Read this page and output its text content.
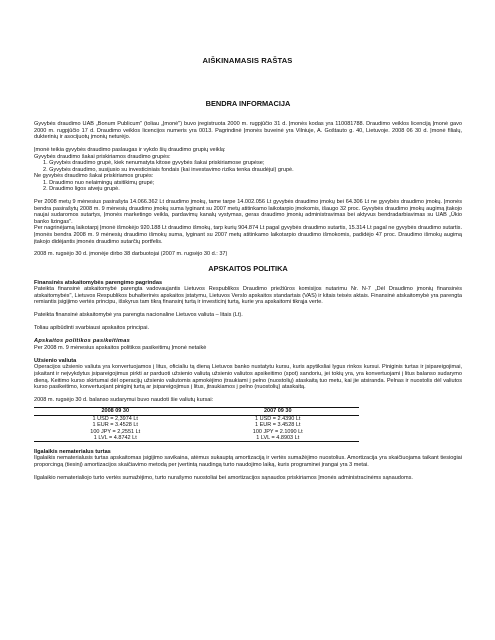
AIŠKINAMASIS RAŠTAS
BENDRA INFORMACIJA

Gyvybės draudimo UAB „Bonum Publicum" (toliau „Įmonė") buvo įregistruota 2000 m. rugpjūčio 31 d. Įmonės kodas yra 110081788. Draudimo veiklos licenciją Įmonė gavo 2000 m. rugpjūčio 17 d. Draudimo veiklos licencijos numeris yra 0013. Pagrindinė Įmonės buveinė yra Vilniuje, A. Goštauto g. 40, Lietuvoje. 2008 06 30 d. Įmonė filialų, dukterinių ir asocijuotų įmonių neturėjo.

Įmonė teikia gyvybės draudimo paslaugas ir vykdo šių draudimo grupių veiklą:

Gyvybės draudimo šakai priskiriamos draudimo grupės:

1. Gyvybės draudimo grupė, kiek nenumatyta kitose gyvybės šakai priskiriamose grupėse;
2. Gyvybės draudimo, susijusio su investiciniais fondais (kai investavimo rizika tenka draudėjui) grupė.

Ne gyvybės draudimo šakai priskiriamos grupės:

1. Draudimo nuo nelaimingų atsitikimų grupė;
2. Draudimo ligos atveju grupė.

Per 2008 metų 9 mėnesius pasirašyta 14.066.362 Lt draudimo įmokų, tame tarpe 14.002.056 Lt gyvybės draudimo įmokų bei 64.306 Lt ne gyvybės draudimo įmokų. Įmonės bendra pasirašytų 2008 m. 9 mėnesių draudimo įmokų suma lyginant su 2007 metų atitinkamo laikotarpio įmokomis, išaugo 32 proc. Gyvybės draudimo įmokų augimą įtakojo naujai sudaromos sutartys, Įmonės marketingo veikla, pardavimų kanalų vystymas, geras draudimo įmonių administravimas bei aktyvus bendradarbiavimas su UAB „Ūkio banko lizingas".

Per nagrinėjamą laikotarpį Įmonė išmokėjo 920.188 Lt draudimo išmokų, tarp kurių 904.874 Lt pagal gyvybės draudimo sutartis, 15.314 Lt pagal ne gyvybės draudimo sutartis. Įmonės bendra 2008 m. 9 mėnesių draudimo išmokų suma, lyginant su 2007 metų atitinkamo laikotarpio draudimo išmokomis, padidėjo 47 proc. Draudimo išmokų augimą įtakojo didėjantis įmonės draudimo sutarčių portfelis.

2008 m. rugsėjo 30 d. įmonėje dirbo 38 darbuotojai (2007 m. rugsėjo 30 d.: 37)

APSKAITOS POLITIKA
Finansinės atskaitomybės parengimo pagrindas

Pateikta finansinė atskaitomybė parengta vadovaujantis Lietuvos Respublikos Draudimo priežiūros komisijos nutarimu Nr. N-7 „Dėl Draudimo įmonių finansinės atskaitomybės", Lietuvos Respublikos buhalterinės apskaitos įstatymu, Lietuvos Verslo apskaitos standartais (VAS) ir kitais teisės aktais. Finansinė atskaitomybė yra parengta remiantis įsigijimo vertės principu, išskyrus tam tikrą finansinį turtą ir investicinį turtą, kurie yra apskaitomi tikrąja verte.

Pateikta finansinė atskaitomybė yra parengta nacionaline Lietuvos valiuta – litais (Lt).

Toliau apibūdinti svarbiausi apskaitos principai.

Apskaitos politikos pasikeitimas

Per 2008 m. 9 mėnesius apskaitos politikos pasikeitimų Įmonė netaikė

Užsienio valiuta

Operacijos užsienio valiuta yra konvertuojamos į litus, oficialiu tą dieną Lietuvos banko nustatytu kursu, kuris apytiksliai lygus rinkos kursui. Piniginis turtas ir įsipareigojimai, įskaitant ir neįvykdytus įsipareigojimus pirkti ar parduoti užsienio valiutą užsienio valiutos apsikeitimo (spot) sandoriu, jei tokių yra, yra konvertuojami į litus balanso sudarymo dieną. Keitimo kurso skirtumai dėl operacijų užsienio valiutomis apmokėjimo įtraukiami į pelno (nuostolių) ataskaitą tuo metu, kai jie atsiranda. Pelnas ir nuostolis dėl valiutos kurso pasikeitimo, konvertuojant piniginį turtą ar įsipareigojimus į litus, įtraukiamos į pelno (nuostolių) ataskaitą.

2008 m. rugsėjo 30 d. balanso sudarymui buvo naudoti šie valiutų kursai:

2008 09 30	2007 09 30
1 USD = 2,3974 Lt	1 USD = 2.4390 Lt
1 EUR = 3.4528 Lt	1 EUR = 3.4528 Lt
100 JPY = 2,2551 Lt	100 JPY = 2.1090 Lt
1 LVL = 4.8742 Lt	1 LVL = 4.8903 Lt
Ilgalaikis nematerialus turtas

Ilgalaikis nematerialusis turtas apskaitomas įsigijimo savikaina, atėmus sukauptą amortizaciją ir vertės sumažėjimo nuostolius. Amortizacija yra skaičiuojama taikant tiesiogiai proporcingą (tiesinį) amortizacijos skaičiavimo metodą per įvertintą naudingą turto naudojimo laiką, kuris programinei įrangai yra 3 metai.

Ilgalaikio nematerialiojo turto vertės sumažėjimo, turto nurašymo nuostoliai bei amortizacijos sąnaudos priskiriamos Įmonės administracinėms sąnaudoms.
